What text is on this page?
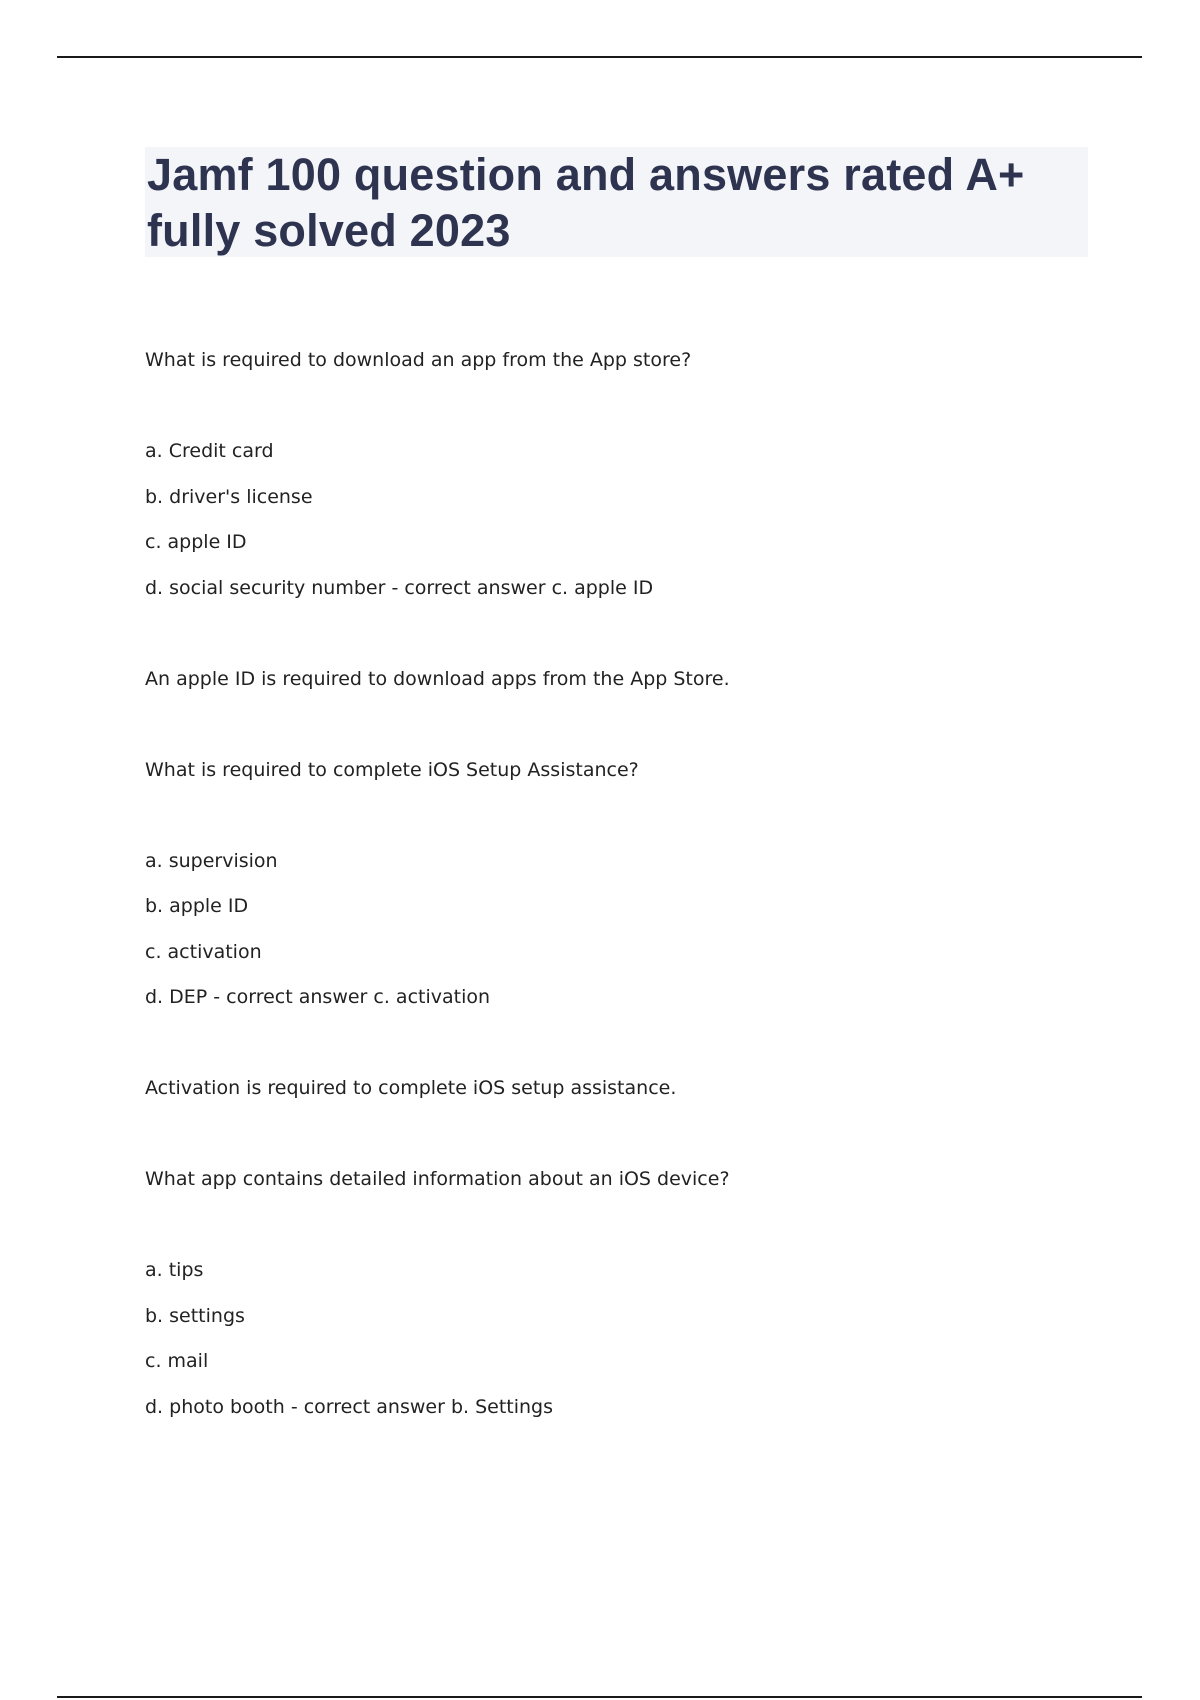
Jamf 100 question and answers rated A+ fully solved 2023
What is required to download an app from the App store?
a. Credit card
b. driver's license
c. apple ID
d. social security number - correct answer c. apple ID
An apple ID is required to download apps from the App Store.
What is required to complete iOS Setup Assistance?
a. supervision
b. apple ID
c. activation
d. DEP - correct answer c. activation
Activation is required to complete iOS setup assistance.
What app contains detailed information about an iOS device?
a. tips
b. settings
c. mail
d. photo booth - correct answer b. Settings
